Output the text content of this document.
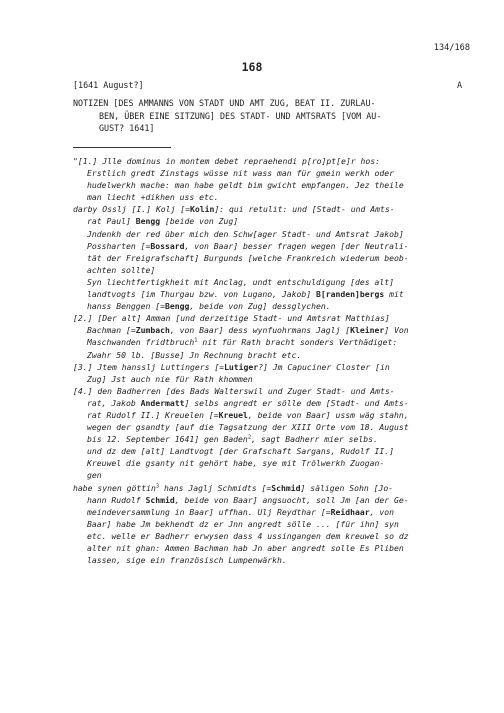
134/168
168
[1641 August?]	A
NOTIZEN [DES AMMANNS VON STADT UND AMT ZUG, BEAT II. ZURLAU-
BEN, ÜBER EINE SITZUNG] DES STADT- UND AMTSRATS [VOM AU-
GUST? 1641]
"[1.] Jlle dominus in montem debet repraehendi p[ro]pt[e]r hos:
Erstlich gredt Zinstags wüsse nit wass man für gmein werkh oder
hudelwerkh mache: man habe geldt bim gwicht empfangen. Jez theile
man liecht +dikhen uss etc.
darby Osslj [I.] Kolj [=Kolin]: qui retulit: und [Stadt- und Amts-
rat Paul] Bengg [beide von Zug]
Jndenkh der red über mich den Schw[ager Stadt- und Amtsrat Jakob]
Possharten [=Bossard, von Baar] besser fragen wegen [der Neutrali-
tät der Freigrafschaft] Burgunds [welche Frankreich wiederum beob-
achten sollte]
Syn liechtfertigkheit mit Anclag, undt entschuldigung [des alt]
landtvogts [im Thurgau bzw. von Lugano, Jakob] B[randen]bergs mit
hanss Benggen [=Bengg, beide von Zug] dessglychen.
[2.] [Der alt] Amman [und derzeitige Stadt- und Amtsrat Matthias]
Bachman [=Zumbach, von Baar] dess wynfuohrmans Jaglj [Kleiner] Von
Maschwanden fridtbruch$^1$ nit für Rath bracht sonders Verthädiget:
Zwahr 50 lb. [Busse] Jn Rechnung bracht etc.
[3.] Jtem hansslj Luttingers [=Lutiger?] Jm Capuciner Closter [in
Zug] Jst auch nie für Rath khommen
[4.] den Badherren [des Bads Walterswil und Zuger Stadt- und Amts-
rat, Jakob Andermatt] selbs angredt er sölle dem [Stadt- und Amts-
rat Rudolf II.] Kreuelen [=Kreuel, beide von Baar] ussm wäg stahn,
wegen der gsandty [auf die Tagsatzung der XIII Orte vom 18. August
bis 12. September 1641] gen Baden$^2$, sagt Badherr mier selbs.
und dz dem [alt] Landtvogt [der Grafschaft Sargans, Rudolf II.]
Kreuwel die gsanty nit gehört habe, sye mit Trölwerkh Zuogan-
gen
habe synen göttin$^3$ hans Jaglj Schmidts [=Schmid] säligen Sohn [Jo-
hann Rudolf Schmid, beide von Baar] angsuocht, soll Jm [an der Ge-
meindeversammlung in Baar] uffhan. Ulj Reydthar [=Reidhaar, von
Baar] habe Jm bekhendt dz er Jnn angredt sölle ... [für ihn] syn
etc. welle er Badherr erwysen dass 4 ussingangen dem kreuwel so dz
alter nit ghan: Ammen Bachman hab Jn aber angredt solle Es Pliben
lassen, sige ein französisch Lumpenwärkh.
